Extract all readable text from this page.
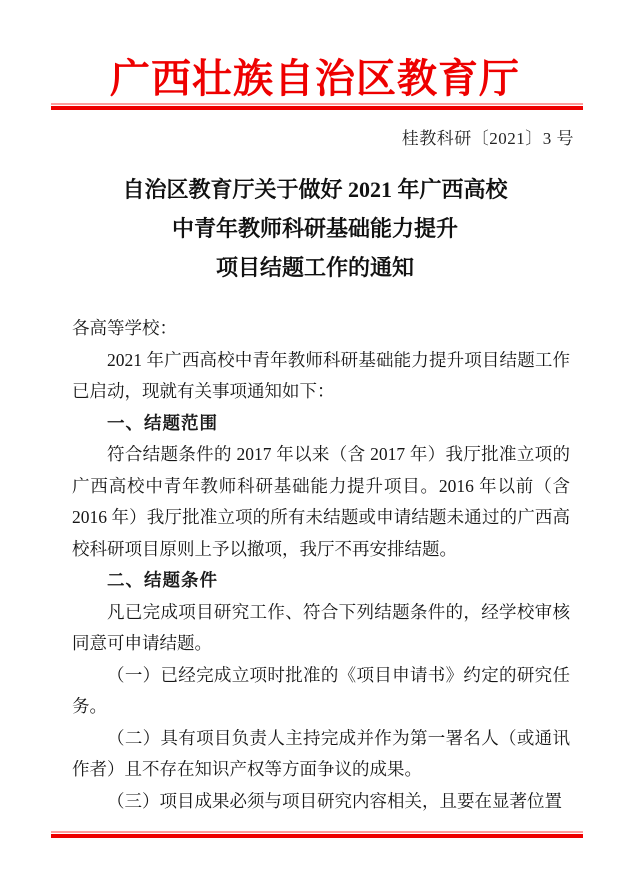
广西壮族自治区教育厅
桂教科研〔2021〕3 号
自治区教育厅关于做好 2021 年广西高校
中青年教师科研基础能力提升
项目结题工作的通知
各高等学校：
2021 年广西高校中青年教师科研基础能力提升项目结题工作已启动，现就有关事项通知如下：
一、结题范围
符合结题条件的 2017 年以来（含 2017 年）我厅批准立项的广西高校中青年教师科研基础能力提升项目。2016 年以前（含 2016 年）我厅批准立项的所有未结题或申请结题未通过的广西高校科研项目原则上予以撤项，我厅不再安排结题。
二、结题条件
凡已完成项目研究工作、符合下列结题条件的，经学校审核同意可申请结题。
（一）已经完成立项时批准的《项目申请书》约定的研究任务。
（二）具有项目负责人主持完成并作为第一署名人（或通讯作者）且不存在知识产权等方面争议的成果。
（三）项目成果必须与项目研究内容相关，且要在显著位置
